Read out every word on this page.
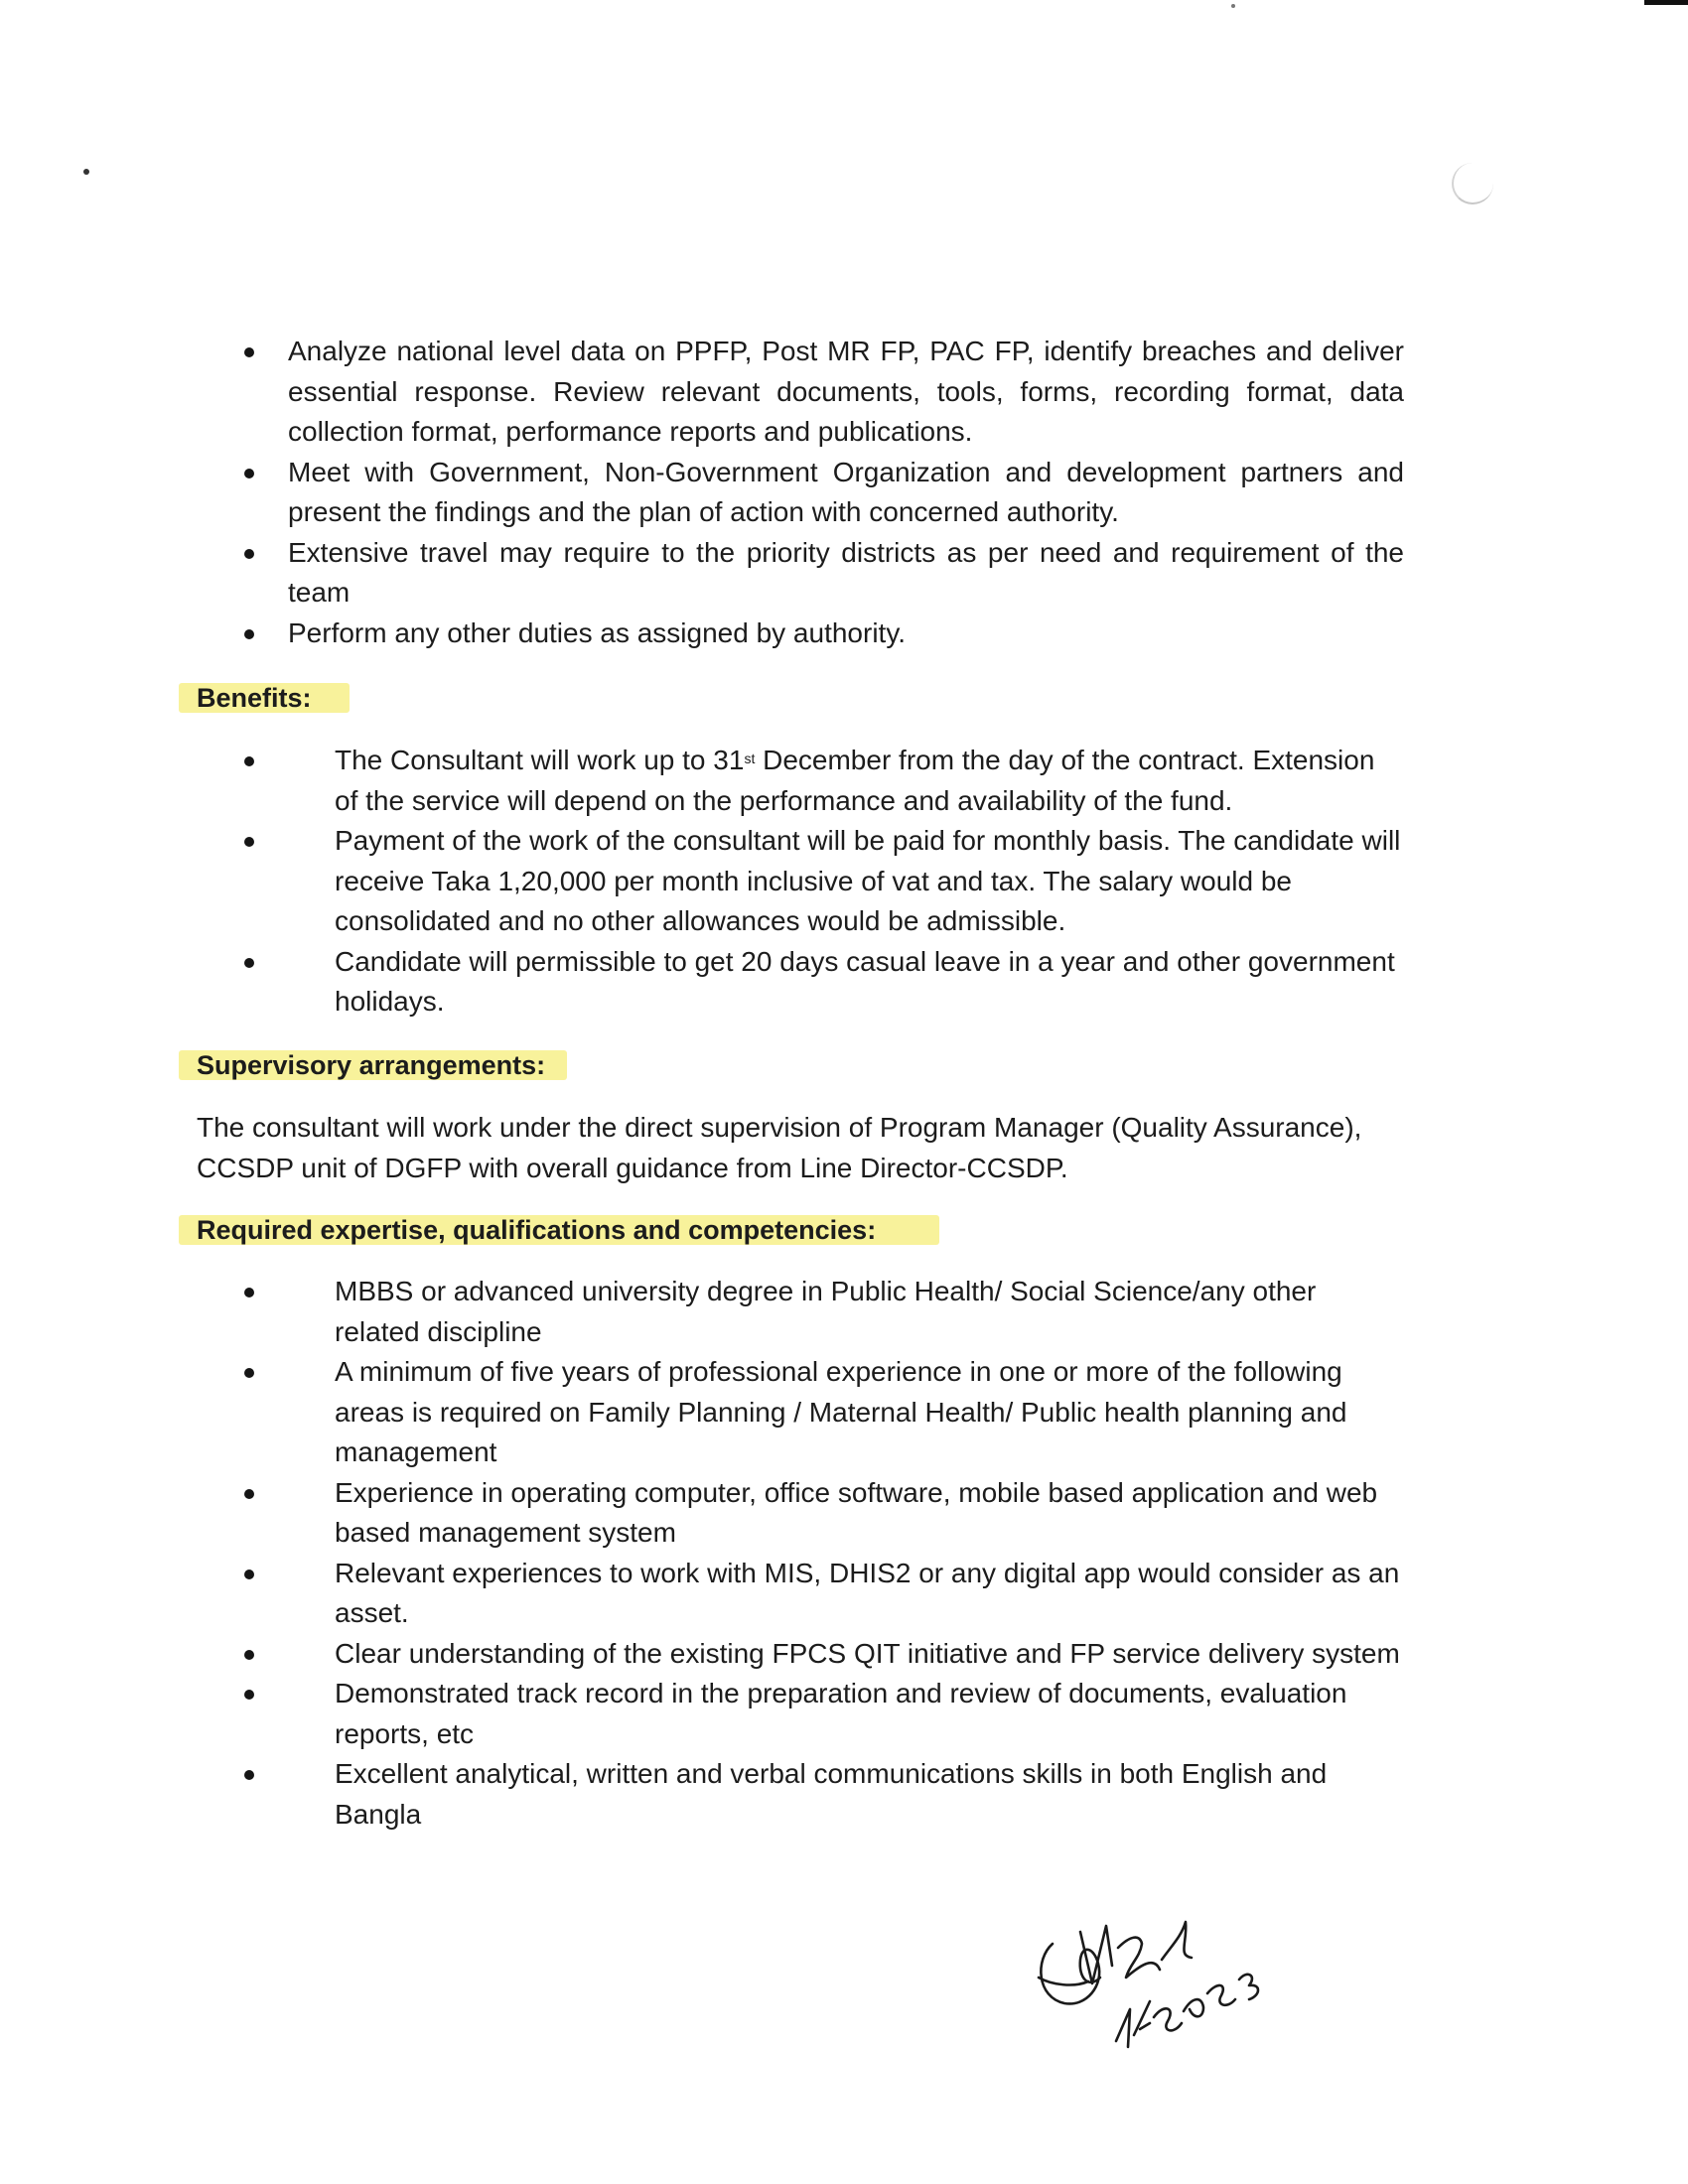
Analyze national level data on PPFP, Post MR FP, PAC FP, identify breaches and deliver essential response. Review relevant documents, tools, forms, recording format, data collection format, performance reports and publications.
Meet with Government, Non-Government Organization and development partners and present the findings and the plan of action with concerned authority.
Extensive travel may require to the priority districts as per need and requirement of the team
Perform any other duties as assigned by authority.
Benefits:
The Consultant will work up to 31st December from the day of the contract. Extension of the service will depend on the performance and availability of the fund.
Payment of the work of the consultant will be paid for monthly basis. The candidate will receive Taka 1,20,000 per month inclusive of vat and tax. The salary would be consolidated and no other allowances would be admissible.
Candidate will permissible to get 20 days casual leave in a year and other government holidays.
Supervisory arrangements:

The consultant will work under the direct supervision of Program Manager (Quality Assurance), CCSDP unit of DGFP with overall guidance from Line Director-CCSDP.

Required expertise, qualifications and competencies:
MBBS or advanced university degree in Public Health/ Social Science/any other related discipline
A minimum of five years of professional experience in one or more of the following areas is required on Family Planning / Maternal Health/ Public health planning and management
Experience in operating computer, office software, mobile based application and web based management system
Relevant experiences to work with MIS, DHIS2 or any digital app would consider as an asset.
Clear understanding of the existing FPCS QIT initiative and FP service delivery system
Demonstrated track record in the preparation and review of documents, evaluation reports, etc
Excellent analytical, written and verbal communications skills in both English and Bangla
